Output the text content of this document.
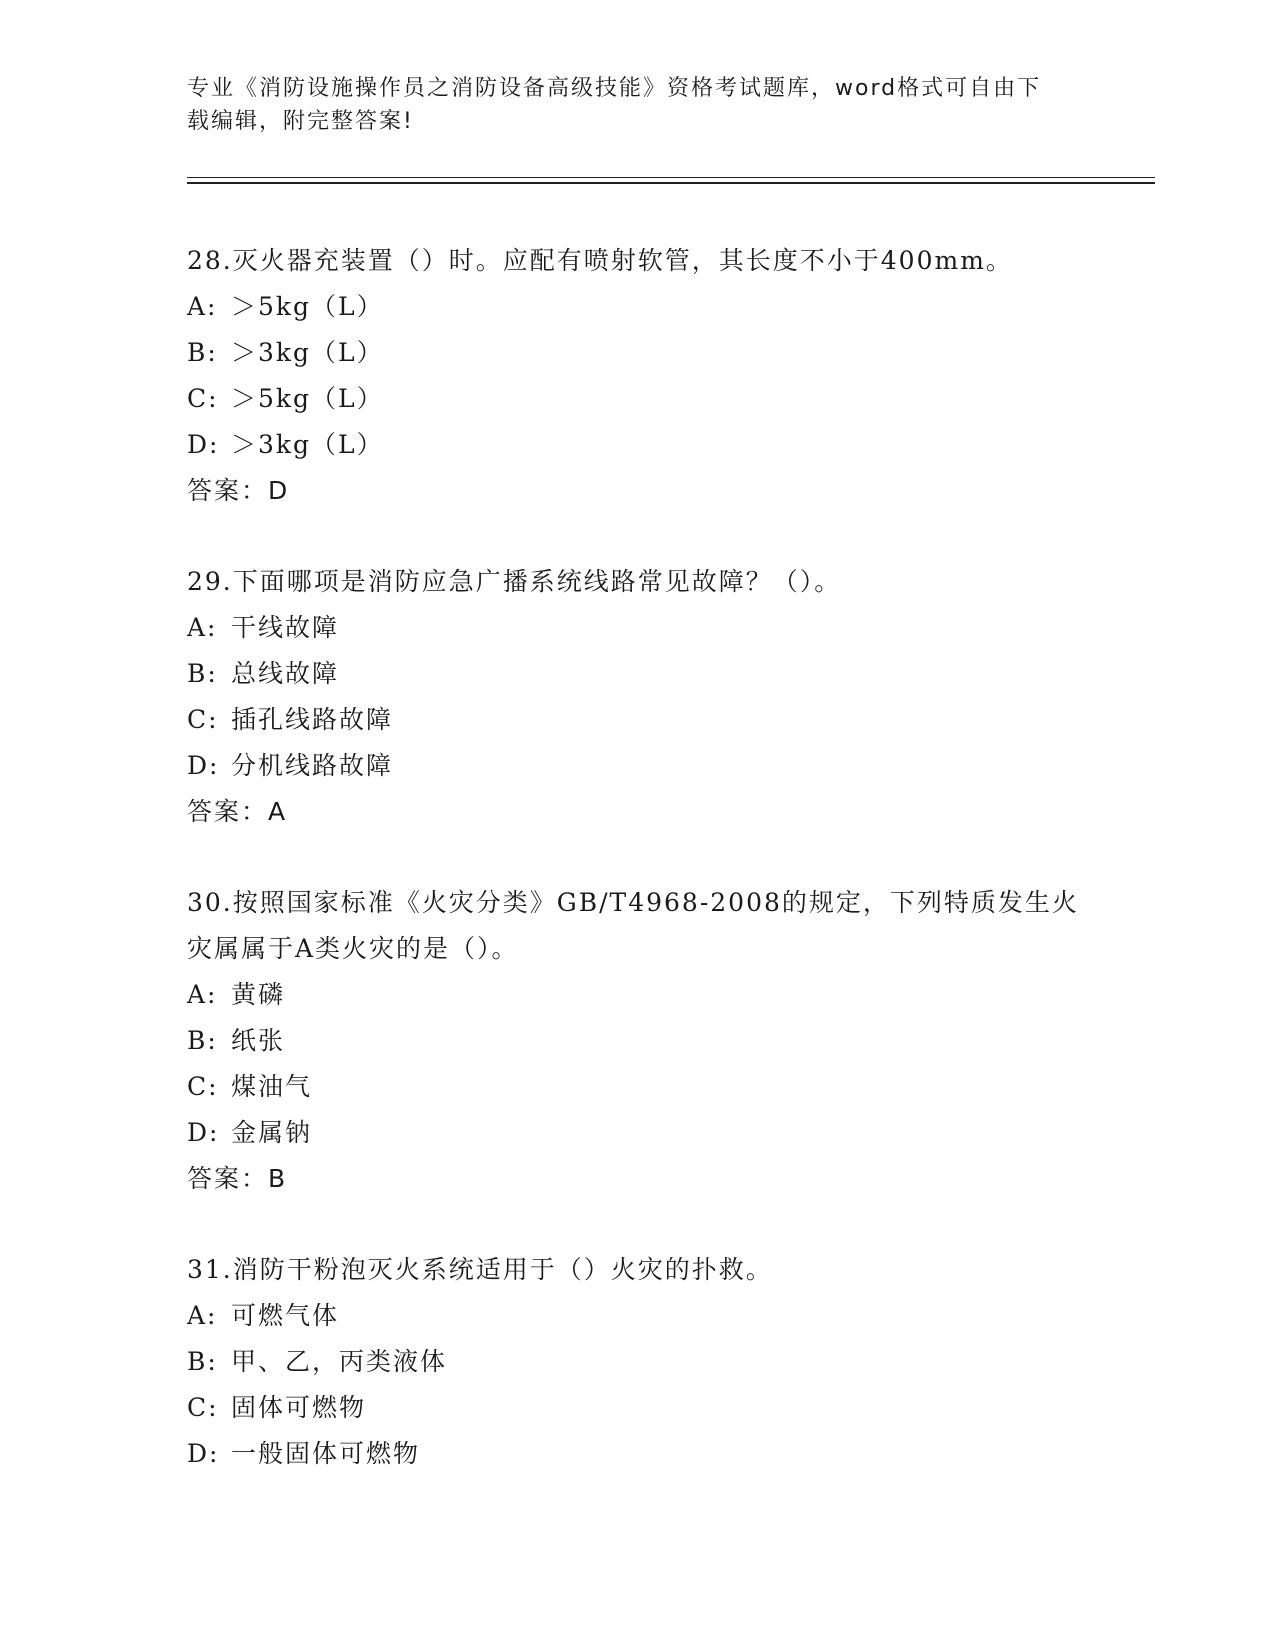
专业《消防设施操作员之消防设备高级技能》资格考试题库，word格式可自由下
载编辑，附完整答案!
28.灭火器充装置（）时。应配有喷射软管，其长度不小于400mm。
A: ＞5kg（L）
B: ＞3kg（L）
C: ＞5kg（L）
D: ＞3kg（L）
答案：D
29.下面哪项是消防应急广播系统线路常见故障？（）。
A: 干线故障
B: 总线故障
C: 插孔线路故障
D: 分机线路故障
答案：A
30.按照国家标准《火灾分类》GB/T4968-2008的规定，下列特质发生火灾属属于A类火灾的是（）。
A: 黄磷
B: 纸张
C: 煤油气
D: 金属钠
答案：B
31.消防干粉泡灭火系统适用于（）火灾的扑救。
A: 可燃气体
B: 甲、乙，丙类液体
C: 固体可燃物
D: 一般固体可燃物
